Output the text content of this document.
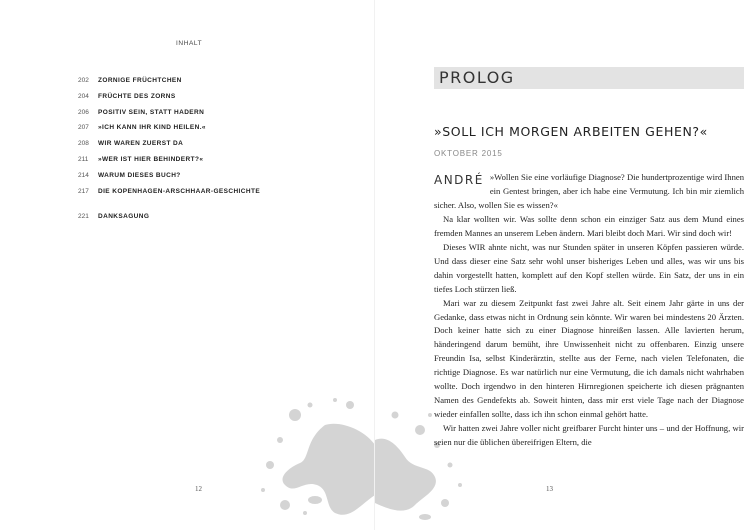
INHALT
202	ZORNIGE FRÜCHTCHEN
204	FRÜCHTE DES ZORNS
206	POSITIV SEIN, STATT HADERN
207	»ICH KANN IHR KIND HEILEN.«
208	WIR WAREN ZUERST DA
211	»WER IST HIER BEHINDERT?«
214	WARUM DIESES BUCH?
217	DIE KOPENHAGEN-ARSCHHAAR-GESCHICHTE
221	DANKSAGUNG
12
PROLOG
»SOLL ICH MORGEN ARBEITEN GEHEN?«
OKTOBER 2015

ANDRÉ »Wollen Sie eine vorläufige Diagnose? Die hundertprozentige wird Ihnen ein Gentest bringen, aber ich habe eine Vermutung. Ich bin mir ziemlich sicher. Also, wollen Sie es wissen?«

Na klar wollten wir. Was sollte denn schon ein einziger Satz aus dem Mund eines fremden Mannes an unserem Leben ändern. Mari bleibt doch Mari. Wir sind doch wir!

Dieses WIR ahnte nicht, was nur Stunden später in unseren Köpfen passieren würde. Und dass dieser eine Satz sehr wohl unser bisheriges Leben und alles, was wir uns bis dahin vorgestellt hatten, komplett auf den Kopf stellen würde. Ein Satz, der uns in ein tiefes Loch stürzen ließ.

Mari war zu diesem Zeitpunkt fast zwei Jahre alt. Seit einem Jahr gärte in uns der Gedanke, dass etwas nicht in Ordnung sein könnte. Wir waren bei mindestens 20 Ärzten. Doch keiner hatte sich zu einer Diagnose hinreißen lassen. Alle lavierten herum, händeringend darum bemüht, ihre Unwissenheit nicht zu offenbaren. Einzig unsere Freundin Isa, selbst Kinderärztin, stellte aus der Ferne, nach vielen Telefonaten, die richtige Diagnose. Es war natürlich nur eine Vermutung, die ich damals nicht wahrhaben wollte. Doch irgendwo in den hinteren Hirnregionen speicherte ich diesen prägnanten Namen des Gendefekts ab. Soweit hinten, dass mir erst viele Tage nach der Diagnose wieder einfallen sollte, dass ich ihn schon einmal gehört hatte.

Wir hatten zwei Jahre voller nicht greifbarer Furcht hinter uns – und der Hoffnung, wir seien nur die üblichen übereifrigen Eltern, die

13
